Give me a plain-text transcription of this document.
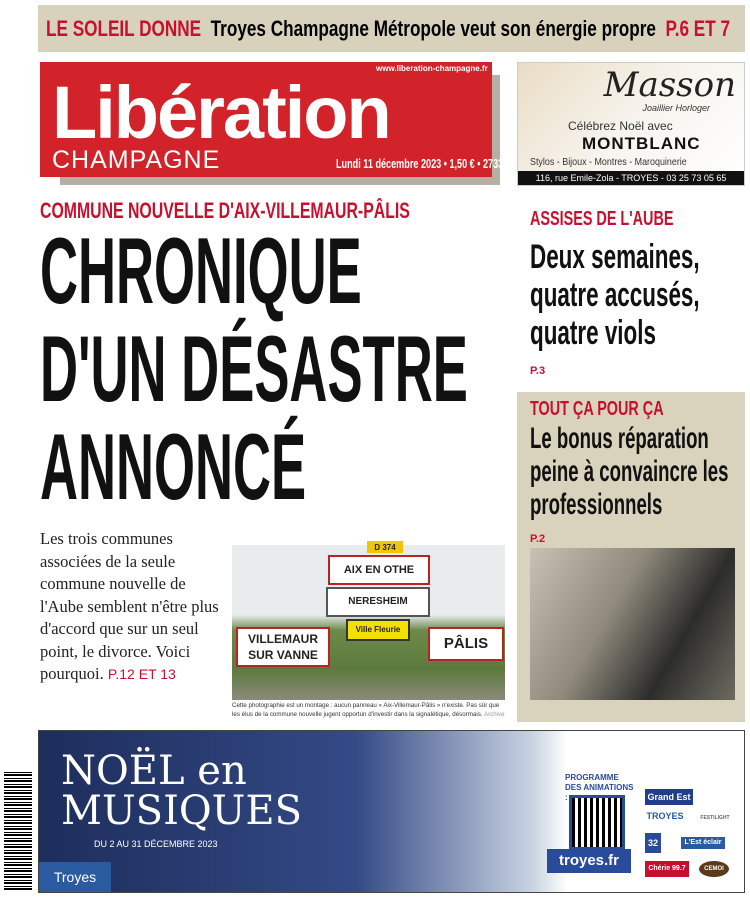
LE SOLEIL DONNE Troyes Champagne Métropole veut son énergie propre P.6 ET 7
Libération
CHAMPAGNE
www.liberation-champagne.fr
Lundi 11 décembre 2023 • 1,50 € • 27333
Masson
Joaillier Horloger
Célébrez Noël avec
MONTBLANC
Stylos - Bijoux - Montres - Maroquinerie
116, rue Emile-Zola - TROYES - 03 25 73 05 65
COMMUNE NOUVELLE D'AIX-VILLEMAUR-PÂLIS
CHRONIQUE
D'UN DÉSASTRE
ANNONCÉ
Les trois communes associées de la seule commune nouvelle de l'Aube semblent n'être plus d'accord que sur un seul point, le divorce. Voici pourquoi. P.12 ET 13
D 374
AIX EN OTHE
NERESHEIM
Ville Fleurie
VILLEMAUR SUR VANNE
PÂLIS
Cette photographie est un montage : aucun panneau « Aix-Villemaur-Pâlis » n'existe. Pas sûr que les élus de la commune nouvelle jugent opportun d'investir dans la signalétique, désormais. Archive
ASSISES DE L'AUBE
Deux semaines, quatre accusés, quatre viols
P.3
TOUT ÇA POUR ÇA
Le bonus réparation peine à convaincre les professionnels
P.2
NOËL en MUSIQUES
DU 2 AU 31 DÉCEMBRE 2023
Troyes
PROGRAMME DES ANIMATIONS :
troyes.fr
Grand Est
TROYES
32	L'Est éclair
Chérie 99.7	CEMOI
FESTILIGHT
